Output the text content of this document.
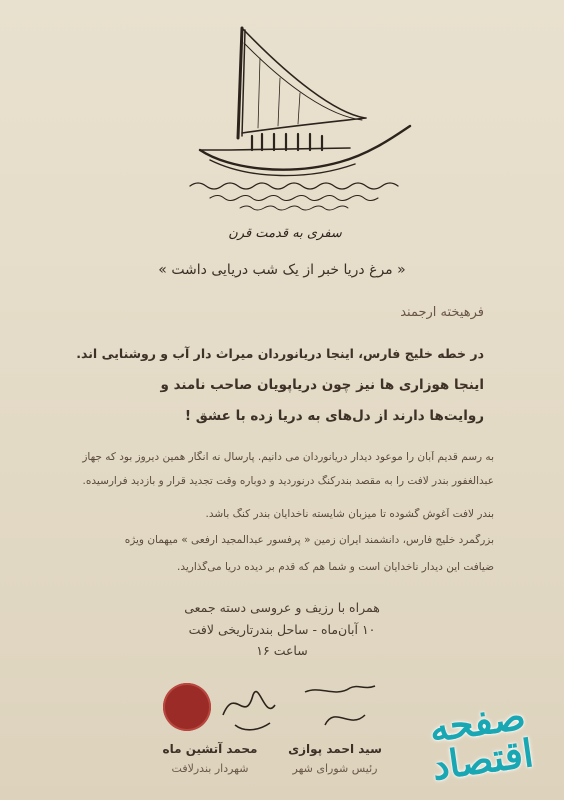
سفری به قدمت قرن
« مرغ دریا خبر از یک شب دریایی داشت »
فرهیخته ارجمند
در خطه خلیج فارس، اینجا دریانوردان میراث دار آب و روشنایی اند.
اینجا هوزاری ها نیز چون دریاپویان صاحب نامند و
روایت‌ها دارند از دل‌های به دریا زده با عشق !
به رسم قدیم آبان را موعود دیدار دریانوردان می دانیم. پارسال نه انگار همین دیروز بود که جهاز
عبدالغفور بندر لافت را به مقصد بندرکنگ درنوردید و دوباره وقت تجدید قرار و بازدید فرارسیده.
بندر لافت آغوش گشوده تا میزبان شایسته ناخدایان بندر کنگ باشد.
بزرگمرد خلیج فارس، دانشمند ایران زمین « پرفسور عبدالمجید ارفعی » میهمان ویژه
ضیافت این دیدار ناخدایان است و شما هم که قدم بر دیده دریا می‌گذارید.
همراه با رزیف و عروسی دسته جمعی
۱۰ آبان‌ماه - ساحل بندرتاریخی لافت
ساعت ۱۶
محمد آتشین ماه
شهردار بندرلافت
سید احمد پوازی
رئیس شورای شهر
صفحه اقتصاد
